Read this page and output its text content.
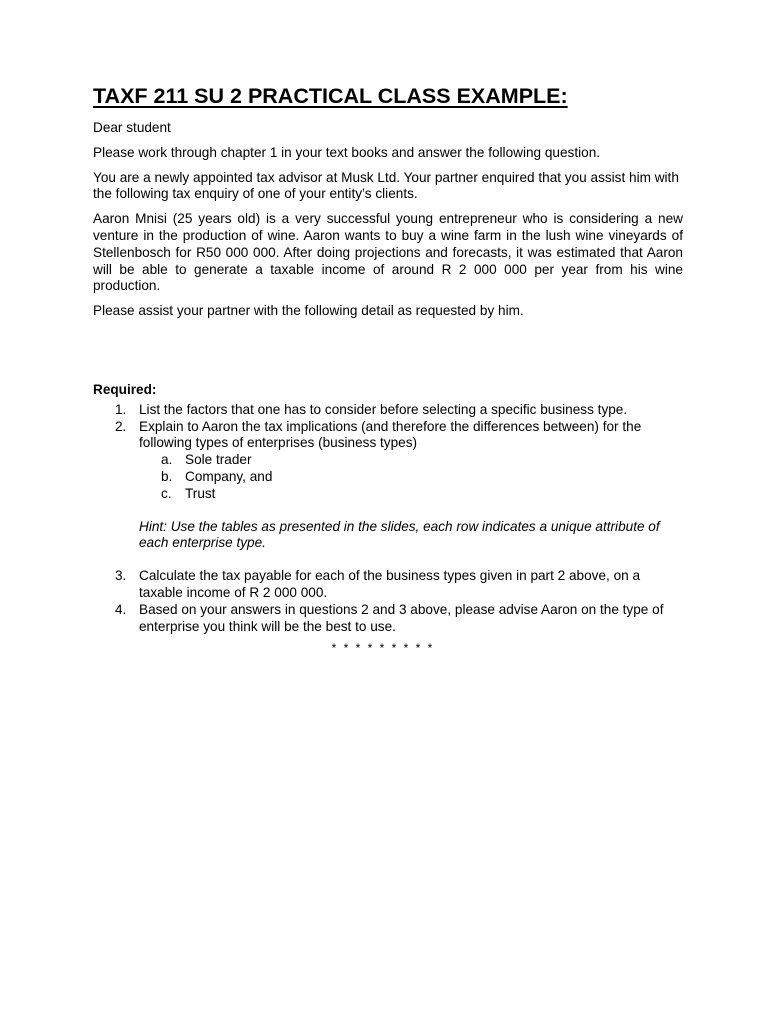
TAXF 211 SU 2 PRACTICAL CLASS EXAMPLE:

Dear student

Please work through chapter 1 in your text books and answer the following question.

You are a newly appointed tax advisor at Musk Ltd. Your partner enquired that you assist him with the following tax enquiry of one of your entity’s clients.

Aaron Mnisi (25 years old) is a very successful young entrepreneur who is considering a new venture in the production of wine. Aaron wants to buy a wine farm in the lush wine vineyards of Stellenbosch for R50 000 000. After doing projections and forecasts, it was estimated that Aaron will be able to generate a taxable income of around R 2 000 000 per year from his wine production.

Please assist your partner with the following detail as requested by him.

Required:
1. List the factors that one has to consider before selecting a specific business type.
2. Explain to Aaron the tax implications (and therefore the differences between) for the following types of enterprises (business types)
a. Sole trader
b. Company, and
c. Trust
Hint: Use the tables as presented in the slides, each row indicates a unique attribute of each enterprise type.
3. Calculate the tax payable for each of the business types given in part 2 above, on a taxable income of R 2 000 000.
4. Based on your answers in questions 2 and 3 above, please advise Aaron on the type of enterprise you think will be the best to use.
* * * * * * * * *
